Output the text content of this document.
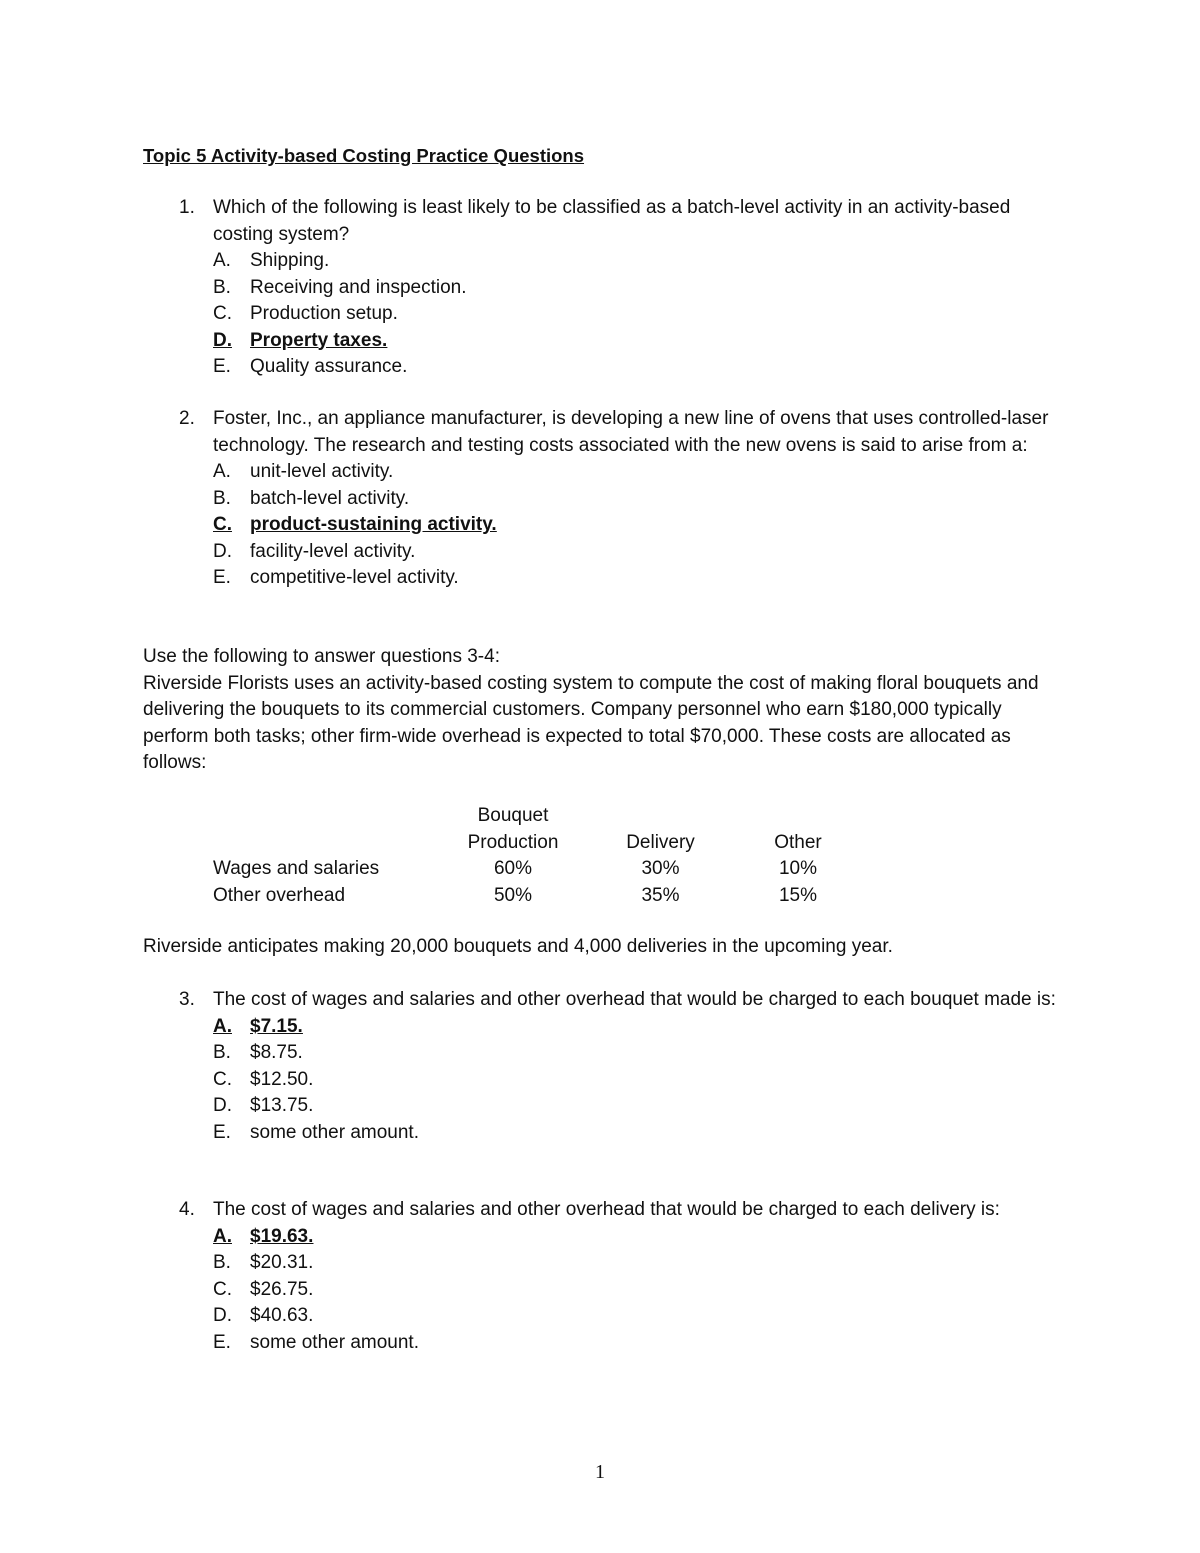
Topic 5 Activity-based Costing Practice Questions
1. Which of the following is least likely to be classified as a batch-level activity in an activity-based costing system?
A.	Shipping.
B.	Receiving and inspection.
C. Production setup.
D. Property taxes.
E.	Quality assurance.
2. Foster, Inc., an appliance manufacturer, is developing a new line of ovens that uses controlled-laser technology. The research and testing costs associated with the new ovens is said to arise from a:
A.	unit-level activity.
B.	batch-level activity.
C. product-sustaining activity.
D. facility-level activity.
E.	competitive-level activity.
Use the following to answer questions 3-4:
Riverside Florists uses an activity-based costing system to compute the cost of making floral bouquets and delivering the bouquets to its commercial customers. Company personnel who earn $180,000 typically perform both tasks; other firm-wide overhead is expected to total $70,000. These costs are allocated as follows:
	Bouquet		
	Production	Delivery	Other
Wages and salaries	60%	30%	10%
Other overhead	50%	35%	15%
Riverside anticipates making 20,000 bouquets and 4,000 deliveries in the upcoming year.
3. The cost of wages and salaries and other overhead that would be charged to each bouquet made is:
A. $7.15.
B.	$8.75.
C. $12.50.
D. $13.75.
E.	some other amount.
4. The cost of wages and salaries and other overhead that would be charged to each delivery is:
A. $19.63.
B.	$20.31.
C. $26.75.
D. $40.63.
E.	some other amount.
1
